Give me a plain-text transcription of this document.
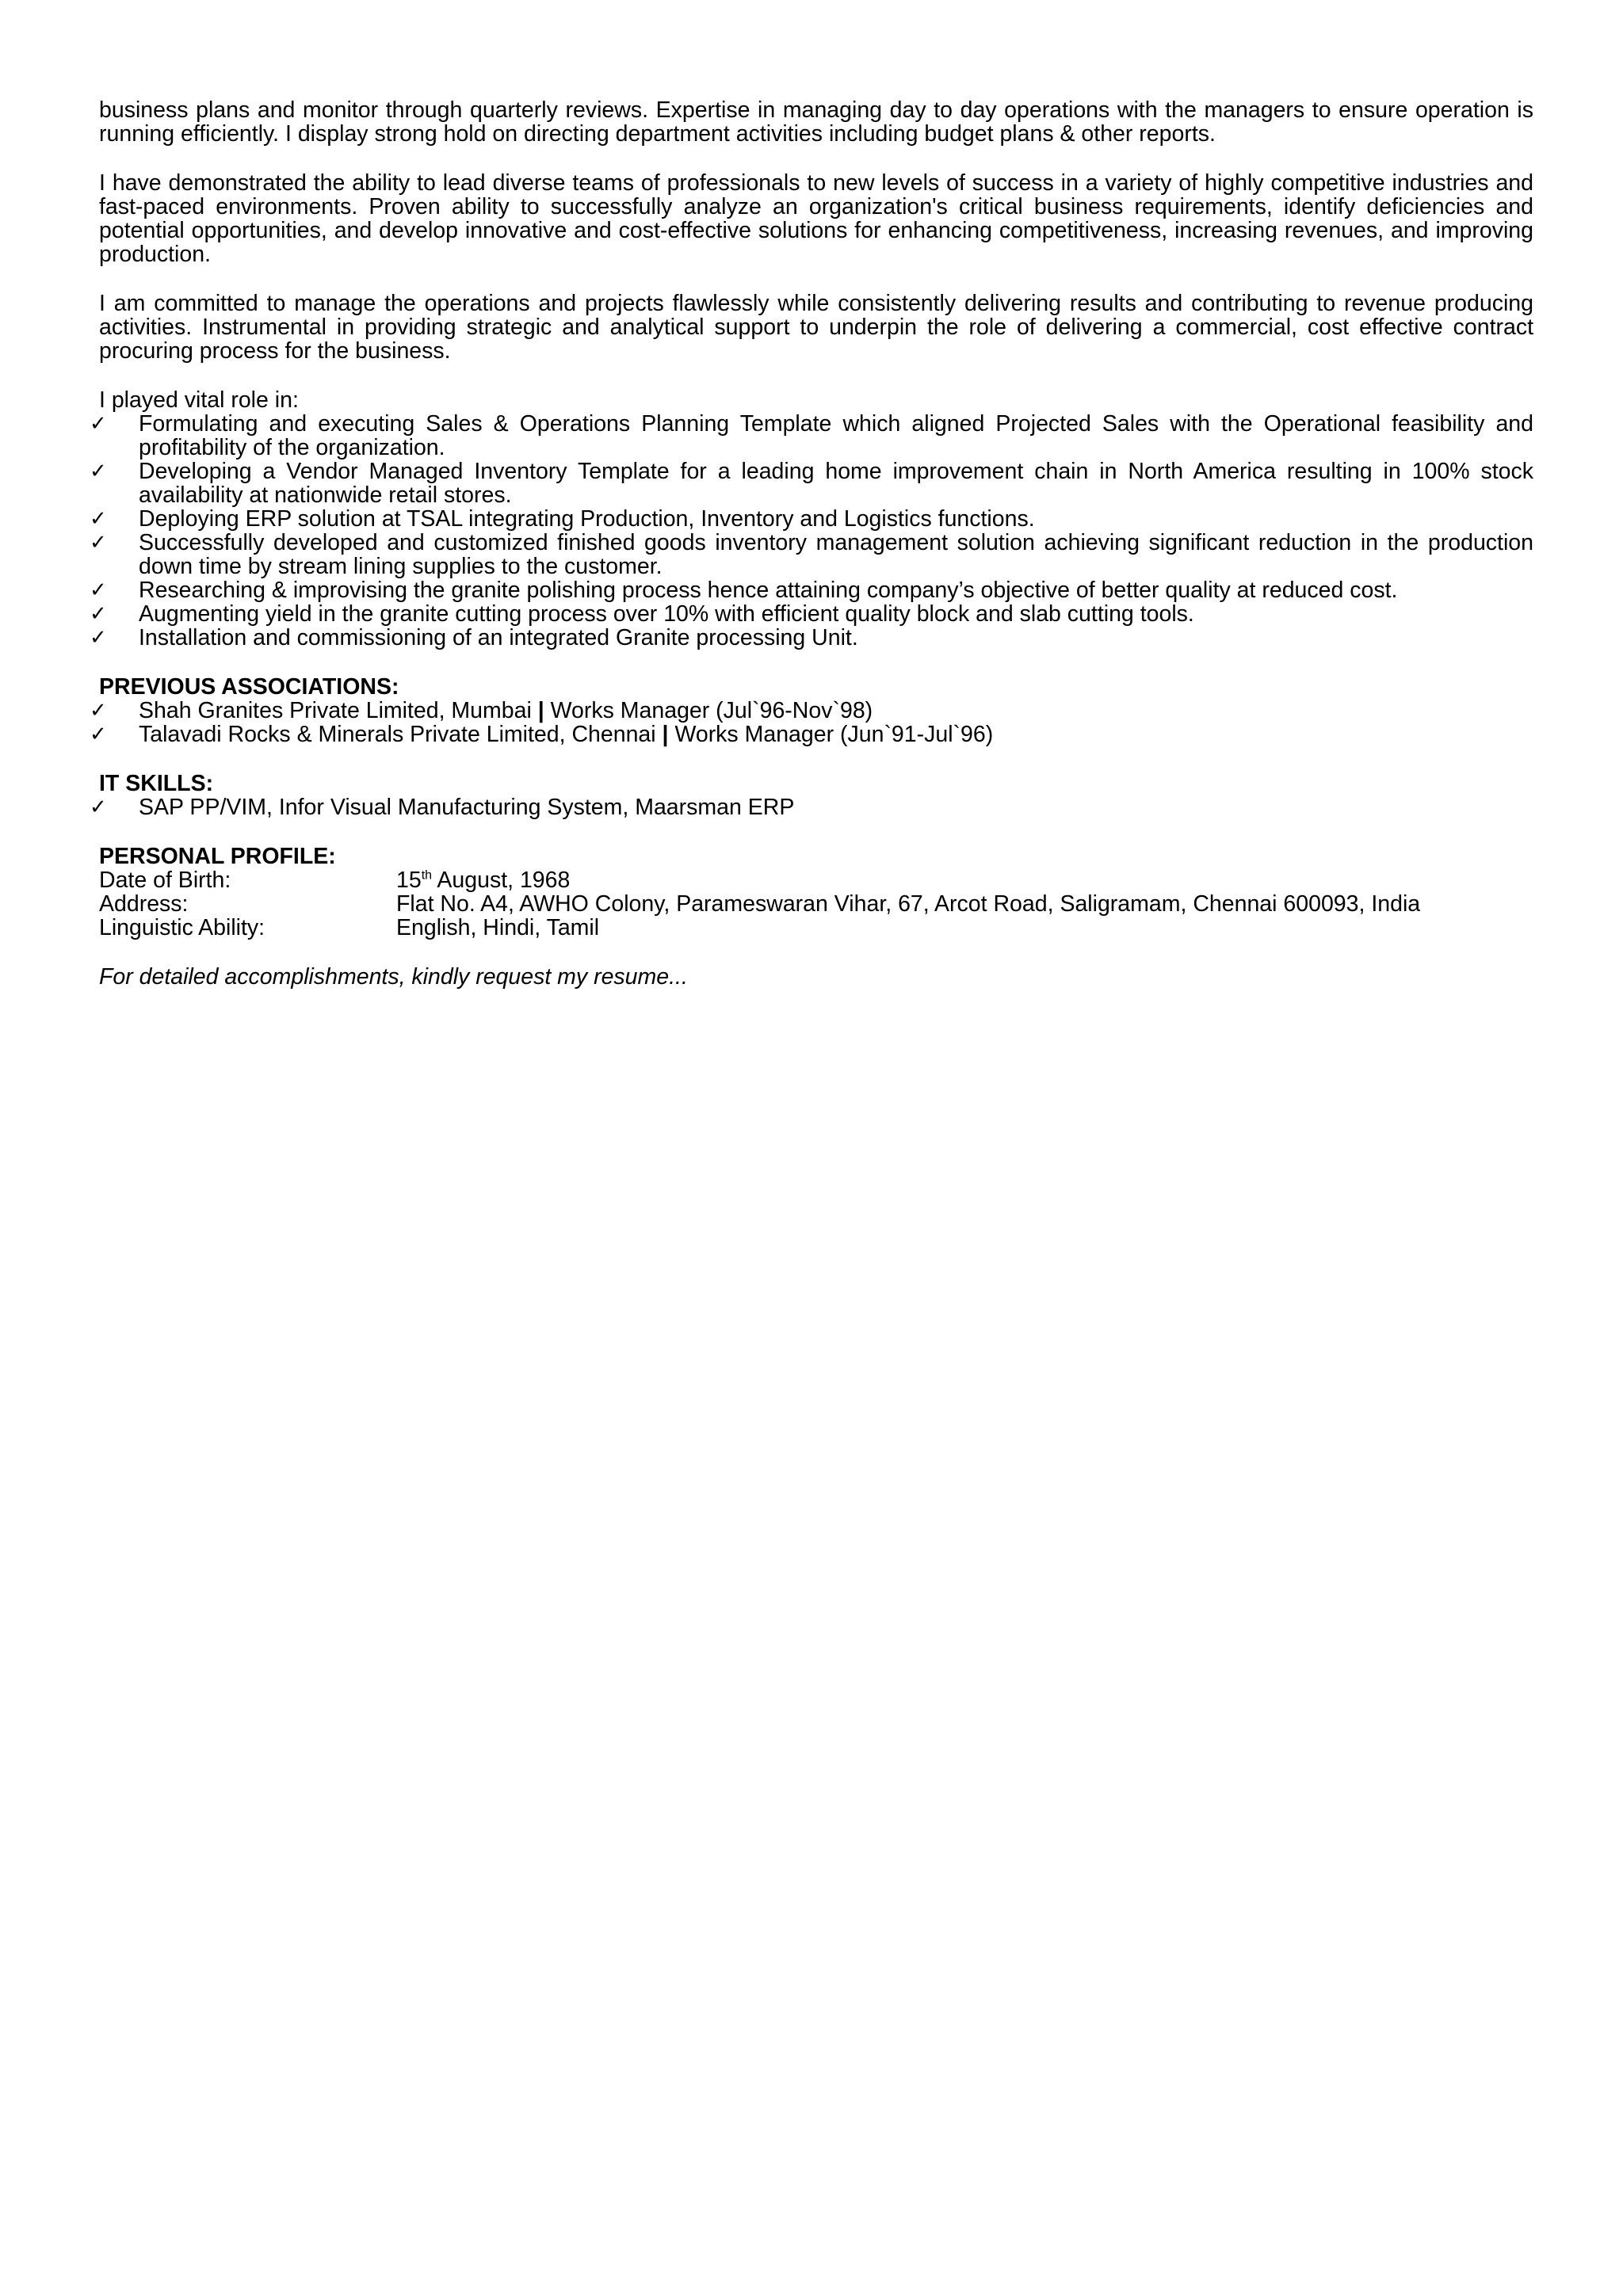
business plans and monitor through quarterly reviews. Expertise in managing day to day operations with the managers to ensure operation is running efficiently. I display strong hold on directing department activities including budget plans & other reports.

I have demonstrated the ability to lead diverse teams of professionals to new levels of success in a variety of highly competitive industries and fast-paced environments. Proven ability to successfully analyze an organization's critical business requirements, identify deficiencies and potential opportunities, and develop innovative and cost-effective solutions for enhancing competitiveness, increasing revenues, and improving production.

I am committed to manage the operations and projects flawlessly while consistently delivering results and contributing to revenue producing activities. Instrumental in providing strategic and analytical support to underpin the role of delivering a commercial, cost effective contract procuring process for the business.

I played vital role in:

✓ Formulating and executing Sales & Operations Planning Template which aligned Projected Sales with the Operational feasibility and profitability of the organization.
✓ Developing a Vendor Managed Inventory Template for a leading home improvement chain in North America resulting in 100% stock availability at nationwide retail stores.
✓ Deploying ERP solution at TSAL integrating Production, Inventory and Logistics functions.
✓ Successfully developed and customized finished goods inventory management solution achieving significant reduction in the production down time by stream lining supplies to the customer.
✓ Researching & improvising the granite polishing process hence attaining company’s objective of better quality at reduced cost.
✓ Augmenting yield in the granite cutting process over 10% with efficient quality block and slab cutting tools.
✓ Installation and commissioning of an integrated Granite processing Unit.

PREVIOUS ASSOCIATIONS:

✓ Shah Granites Private Limited, Mumbai | Works Manager (Jul`96-Nov`98)
✓ Talavadi Rocks & Minerals Private Limited, Chennai | Works Manager (Jun`91-Jul`96)

IT SKILLS:

✓ SAP PP/VIM, Infor Visual Manufacturing System, Maarsman ERP

PERSONAL PROFILE:

Date of Birth:	15th August, 1968
Address:	Flat No. A4, AWHO Colony, Parameswaran Vihar, 67, Arcot Road, Saligramam, Chennai 600093, India
Linguistic Ability:	English, Hindi, Tamil

For detailed accomplishments, kindly request my resume...
